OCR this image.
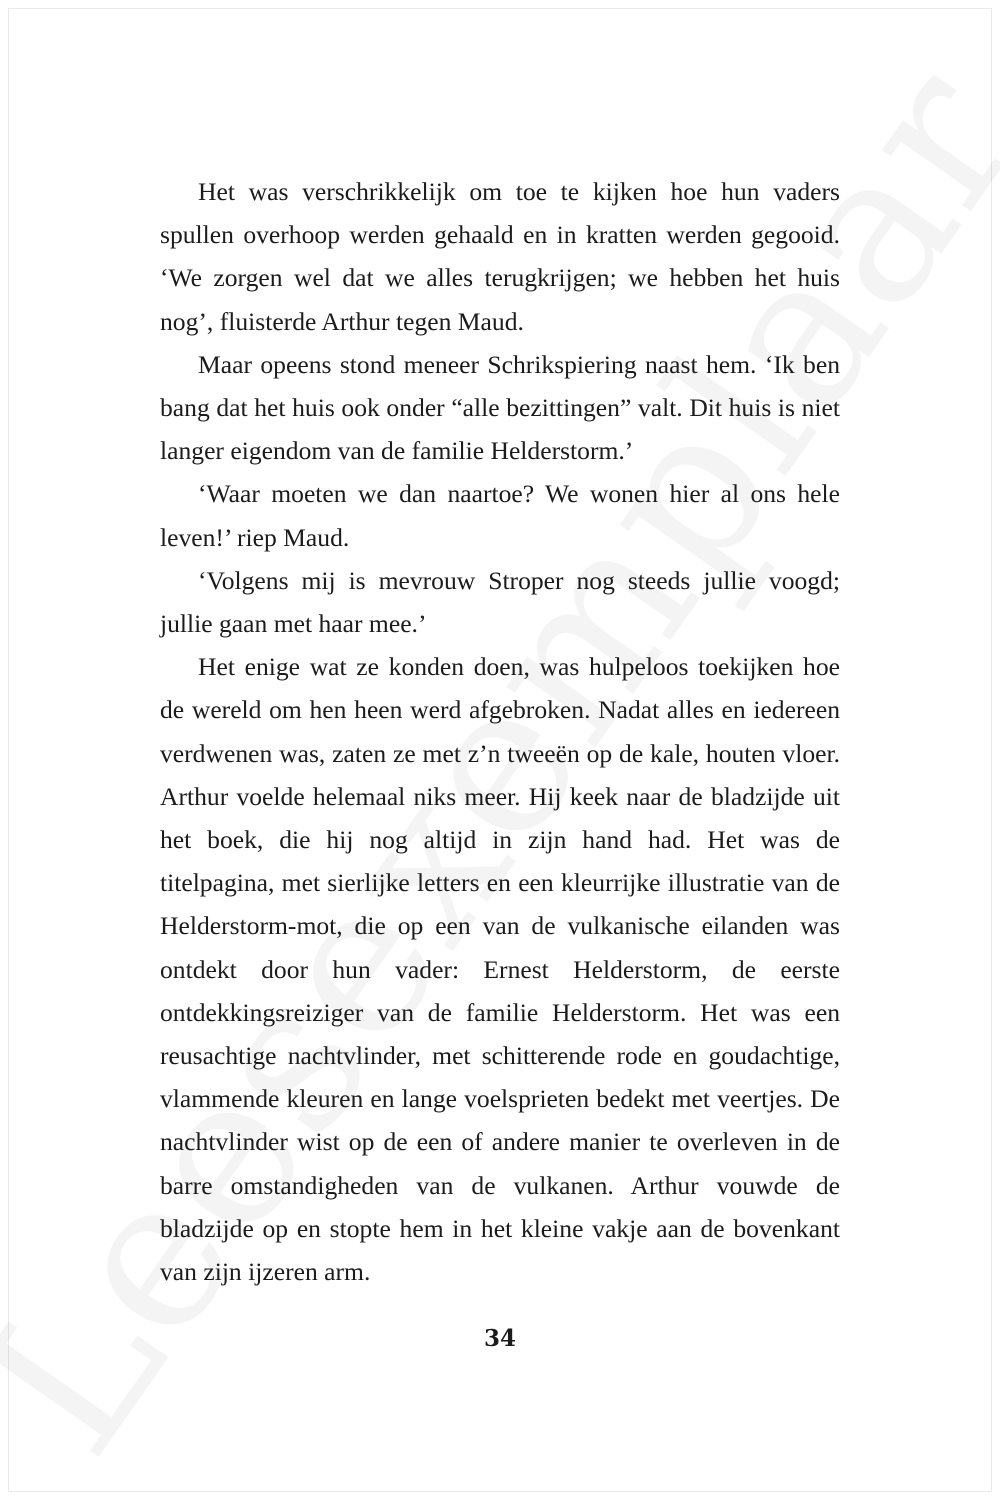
Het was verschrikkelijk om toe te kijken hoe hun vaders spullen overhoop werden gehaald en in kratten werden gegooid. ‘We zorgen wel dat we alles terugkrijgen; we hebben het huis nog’, fluisterde Arthur tegen Maud.

Maar opeens stond meneer Schrikspiering naast hem. ‘Ik ben bang dat het huis ook onder “alle bezittingen” valt. Dit huis is niet langer eigendom van de familie Helderstorm.’

‘Waar moeten we dan naartoe? We wonen hier al ons hele leven!’ riep Maud.

‘Volgens mij is mevrouw Stroper nog steeds jullie voogd; jullie gaan met haar mee.’

Het enige wat ze konden doen, was hulpeloos toekijken hoe de wereld om hen heen werd afgebroken. Nadat alles en iedereen verdwenen was, zaten ze met z’n tweeën op de kale, houten vloer. Arthur voelde helemaal niks meer. Hij keek naar de bladzijde uit het boek, die hij nog altijd in zijn hand had. Het was de titelpagina, met sierlijke letters en een kleurrijke illustratie van de Helderstorm-mot, die op een van de vulkanische eilanden was ontdekt door hun vader: Ernest Helderstorm, de eerste ontdekkingsreiziger van de familie Helderstorm. Het was een reusachtige nachtvlinder, met schitterende rode en goudachtige, vlammende kleuren en lange voelsprieten bedekt met veertjes. De nachtvlinder wist op de een of andere manier te overleven in de barre omstandigheden van de vulkanen. Arthur vouwde de bladzijde op en stopte hem in het kleine vakje aan de bovenkant van zijn ijzeren arm.

34
